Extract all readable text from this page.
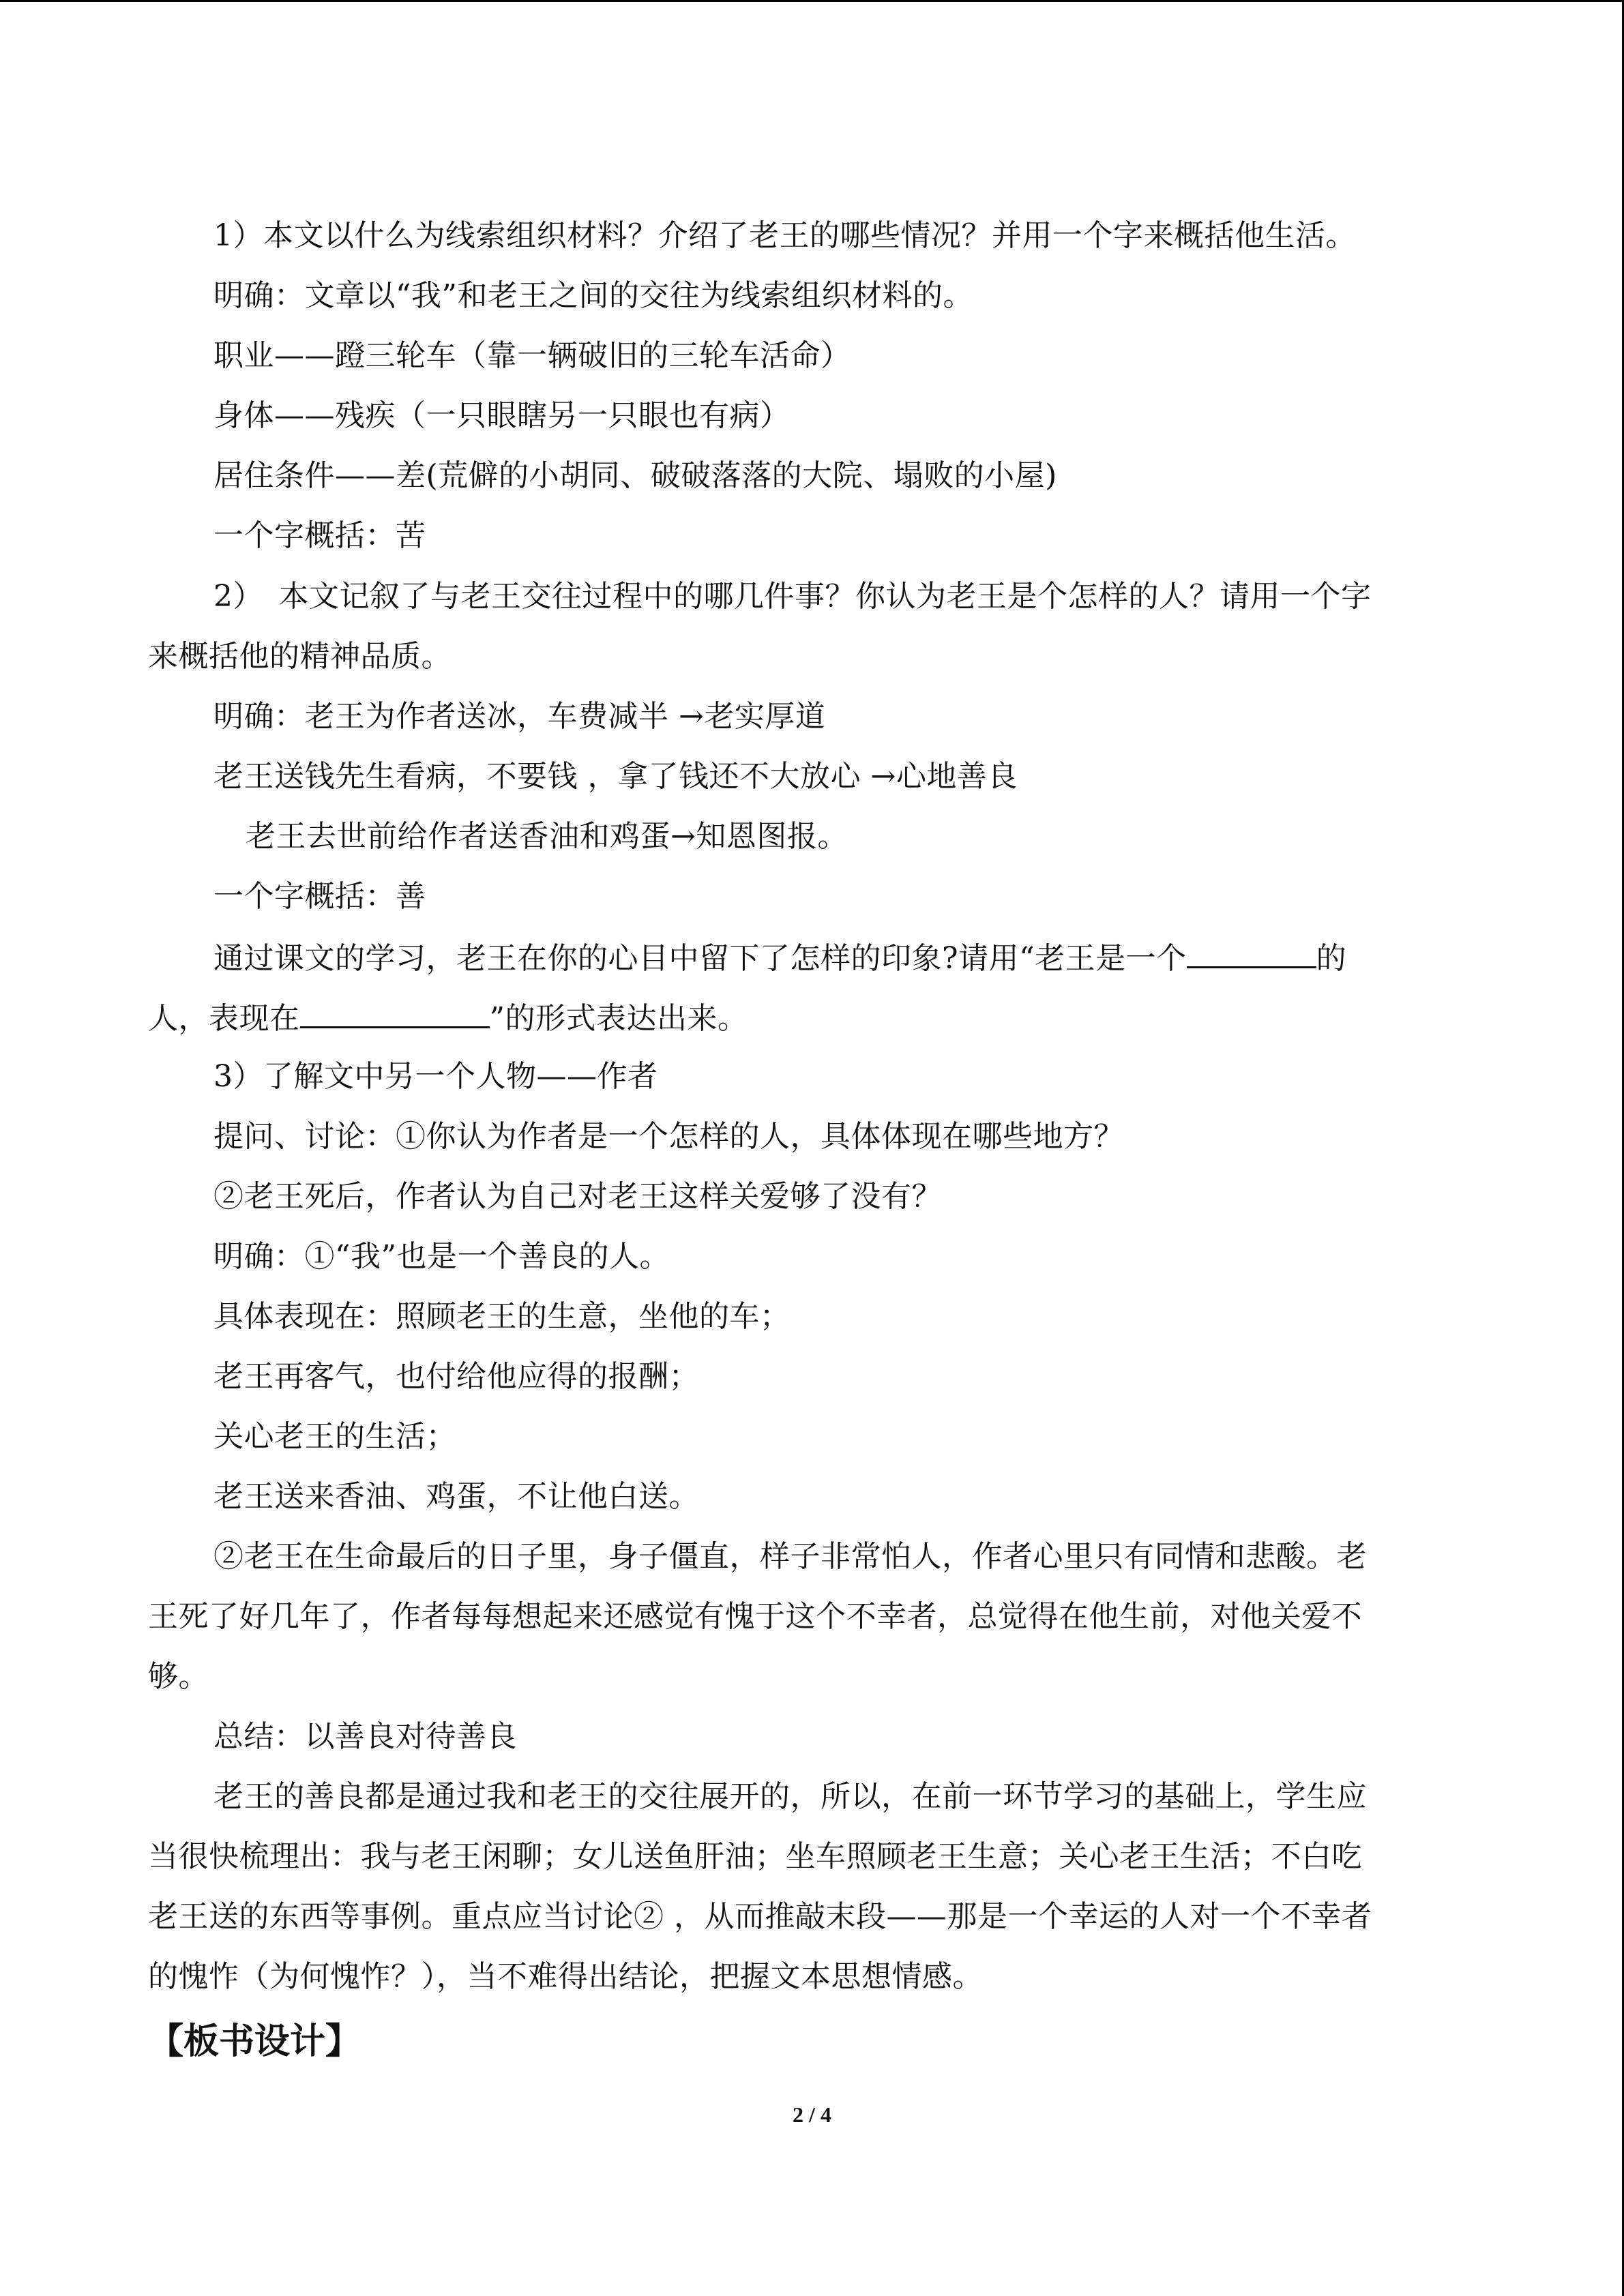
1）本文以什么为线索组织材料？介绍了老王的哪些情况？并用一个字来概括他生活。
明确：文章以“我”和老王之间的交往为线索组织材料的。
职业——蹬三轮车（靠一辆破旧的三轮车活命）
身体——残疾（一只眼瞎另一只眼也有病）
居住条件——差(荒僻的小胡同、破破落落的大院、塌败的小屋)
一个字概括：苦
2）　本文记叙了与老王交往过程中的哪几件事？你认为老王是个怎样的人？请用一个字
来概括他的精神品质。
明确：老王为作者送冰，车费减半 →老实厚道
老王送钱先生看病，不要钱 ，拿了钱还不大放心 →心地善良
老王去世前给作者送香油和鸡蛋→知恩图报。
一个字概括：善
通过课文的学习，老王在你的心目中留下了怎样的印象?请用“老王是一个	的
人，表现在	”的形式表达出来。
3）了解文中另一个人物——作者
提问、讨论：①你认为作者是一个怎样的人，具体体现在哪些地方？
②老王死后，作者认为自己对老王这样关爱够了没有？
明确：①“我”也是一个善良的人。
具体表现在：照顾老王的生意，坐他的车；
老王再客气，也付给他应得的报酬；
关心老王的生活；
老王送来香油、鸡蛋，不让他白送。
②老王在生命最后的日子里，身子僵直，样子非常怕人，作者心里只有同情和悲酸。老
王死了好几年了，作者每每想起来还感觉有愧于这个不幸者，总觉得在他生前，对他关爱不
够。
总结：以善良对待善良
老王的善良都是通过我和老王的交往展开的，所以，在前一环节学习的基础上，学生应
当很快梳理出：我与老王闲聊；女儿送鱼肝油；坐车照顾老王生意；关心老王生活；不白吃
老王送的东西等事例。重点应当讨论② ，从而推敲末段——那是一个幸运的人对一个不幸者
的愧怍（为何愧怍？），当不难得出结论，把握文本思想情感。
【板书设计】
2 / 4
